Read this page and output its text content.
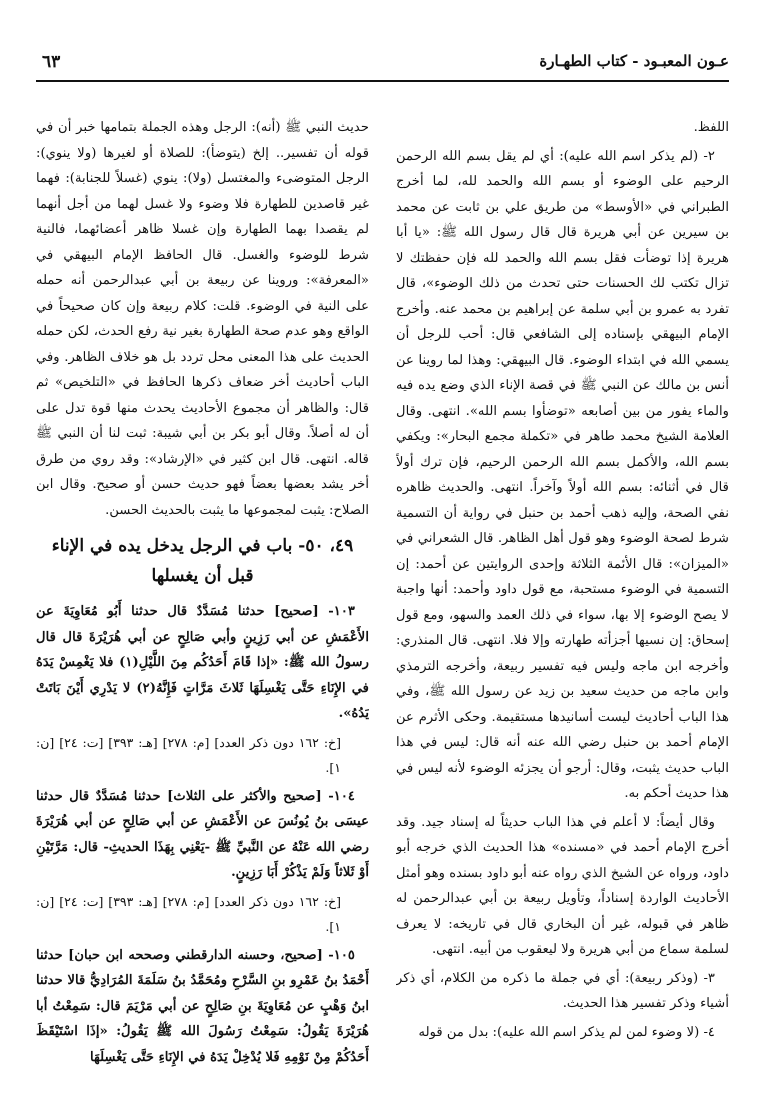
عـون المعبـود - كتاب الطهـارة
٦٣

اللفظ.

٢- (لم يذكر اسم الله عليه): أي لم يقل بسم الله الرحمن الرحيم على الوضوء أو بسم الله والحمد لله، لما أخرج الطبراني في «الأوسط» من طريق علي بن ثابت عن محمد بن سيرين عن أبي هريرة قال قال رسول الله ﷺ: «يا أبا هريرة إذا توضأت فقل بسم الله والحمد لله فإن حفظتك لا تزال تكتب لك الحسنات حتى تحدث من ذلك الوضوء»، قال تفرد به عمرو بن أبي سلمة عن إبراهيم بن محمد عنه. وأخرج الإمام البيهقي بإسناده إلى الشافعي قال: أحب للرجل أن يسمي الله في ابتداء الوضوء. قال البيهقي: وهذا لما روينا عن أنس بن مالك عن النبي ﷺ في قصة الإناء الذي وضع يده فيه والماء يفور من بين أصابعه «توضأوا بسم الله». انتهى. وقال العلامة الشيخ محمد طاهر في «تكملة مجمع البحار»: ويكفي بسم الله، والأكمل بسم الله الرحمن الرحيم، فإن ترك أولاً قال في أثنائه: بسم الله أولاً وآخراً. انتهى. والحديث ظاهره نفي الصحة، وإليه ذهب أحمد بن حنبل في رواية أن التسمية شرط لصحة الوضوء وهو قول أهل الظاهر. قال الشعراني في «الميزان»: قال الأئمة الثلاثة وإحدى الروايتين عن أحمد: إن التسمية في الوضوء مستحبة، مع قول داود وأحمد: أنها واجبة لا يصح الوضوء إلا بها، سواء في ذلك العمد والسهو، ومع قول إسحاق: إن نسيها أجزأته طهارته وإلا فلا. انتهى. قال المنذري: وأخرجه ابن ماجه وليس فيه تفسير ربيعة، وأخرجه الترمذي وابن ماجه من حديث سعيد بن زيد عن رسول الله ﷺ، وفي هذا الباب أحاديث ليست أسانيدها مستقيمة. وحكى الأثرم عن الإمام أحمد بن حنبل رضي الله عنه أنه قال: ليس في هذا الباب حديث يثبت، وقال: أرجو أن يجزئه الوضوء لأنه ليس في هذا حديث أحكم به.

وقال أيضاً: لا أعلم في هذا الباب حديثاً له إسناد جيد. وقد أخرج الإمام أحمد في «مسنده» هذا الحديث الذي خرجه أبو داود، ورواه عن الشيخ الذي رواه عنه أبو داود بسنده وهو أمثل الأحاديث الواردة إسناداً، وتأويل ربيعة بن أبي عبدالرحمن له ظاهر في قبوله، غير أن البخاري قال في تاريخه: لا يعرف لسلمة سماع من أبي هريرة ولا ليعقوب من أبيه. انتهى.

٣- (وذكر ربيعة): أي في جملة ما ذكره من الكلام، أي ذكر أشياء وذكر تفسير هذا الحديث.

٤- (لا وضوء لمن لم يذكر اسم الله عليه): بدل من قوله

حديث النبي ﷺ (أنه): الرجل وهذه الجملة بتمامها خبر أن في قوله أن تفسير.. إلخ (يتوضأ): للصلاة أو لغيرها (ولا ينوي): الرجل المتوضىء والمغتسل (ولا): ينوي (غسلاً للجنابة): فهما غير قاصدين للطهارة فلا وضوء ولا غسل لهما من أجل أنهما لم يقصدا بهما الطهارة وإن غسلا ظاهر أعضائهما، فالنية شرط للوضوء والغسل. قال الحافظ الإمام البيهقي في «المعرفة»: وروينا عن ربيعة بن أبي عبدالرحمن أنه حمله على النية في الوضوء. قلت: كلام ربيعة وإن كان صحيحاً في الواقع وهو عدم صحة الطهارة بغير نية رفع الحدث، لكن حمله الحديث على هذا المعنى محل تردد بل هو خلاف الظاهر. وفي الباب أحاديث أخر ضعاف ذكرها الحافظ في «التلخيص» ثم قال: والظاهر أن مجموع الأحاديث يحدث منها قوة تدل على أن له أصلاً. وقال أبو بكر بن أبي شيبة: ثبت لنا أن النبي ﷺ قاله. انتهى. قال ابن كثير في «الإرشاد»: وقد روي من طرق أخر يشد بعضها بعضاً فهو حديث حسن أو صحيح. وقال ابن الصلاح: يثبت لمجموعها ما يثبت بالحديث الحسن.

٤٩، ٥٠- باب في الرجل يدخل يده في الإناء قبل أن يغسلها

١٠٣- [صحيح] حدثنا مُسَدَّدٌ قال حدثنا أَبُو مُعَاوِيَةَ عن الأَعْمَشِ عن أبي رَزِينٍ وأبي صَالِحٍ عن أبي هُرَيْرَةَ قال قال رسولُ الله ﷺ: «إذا قَامَ أَحَدُكُم مِنَ اللَّيْلِ(١) فلا يَغْمِسْ يَدَهُ في الإِنَاءِ حَتَّى يَغْسِلَهَا ثَلاثَ مَرَّاتٍ فَإِنَّهُ(٢) لا يَدْرِي أَيْنَ بَاتَتْ يَدُهُ».

[خ: ١٦٢ دون ذكر العدد] [م: ٢٧٨] [هـ: ٣٩٣] [ت: ٢٤] [ن: ١].

١٠٤- [صحيح والأكثر على الثلاث] حدثنا مُسَدَّدٌ قال حدثنا عيسَى بنُ يُونُسَ عن الأَعْمَشِ عن أبي صَالِحٍ عن أبي هُرَيْرَةَ رضي الله عَنْهُ عن النَّبيِّ ﷺ -يَعْنِي بِهَذَا الحديثِ- قال: مَرَّتَيْنِ أَوْ ثَلاثاً وَلَمْ يَذْكُرْ أَبَا رَزِينٍ.

[خ: ١٦٢ دون ذكر العدد] [م: ٢٧٨] [هـ: ٣٩٣] [ت: ٢٤] [ن: ١].

١٠٥- [صحيح، وحسنه الدارقطني وصححه ابن حبان] حدثنا أَحْمَدُ بنُ عَمْرِو بنِ السَّرْحِ ومُحَمَّدُ بنُ سَلَمَةَ المُرَادِيُّ قالا حدثنا ابنُ وَهْبٍ عن مُعَاوِيَةَ بنِ صَالِحٍ عن أبي مَرْيَمَ قال: سَمِعْتُ أبا هُرَيْرَةَ يَقُولُ: سَمِعْتُ رَسُولَ الله ﷺ يَقُولُ: «إذَا اسْتَيْقَظَ أَحَدُكُمْ مِنْ نَوْمِهِ فَلا يُدْخِلْ يَدَهُ في الإِنَاءِ حَتَّى يَغْسِلَهَا
